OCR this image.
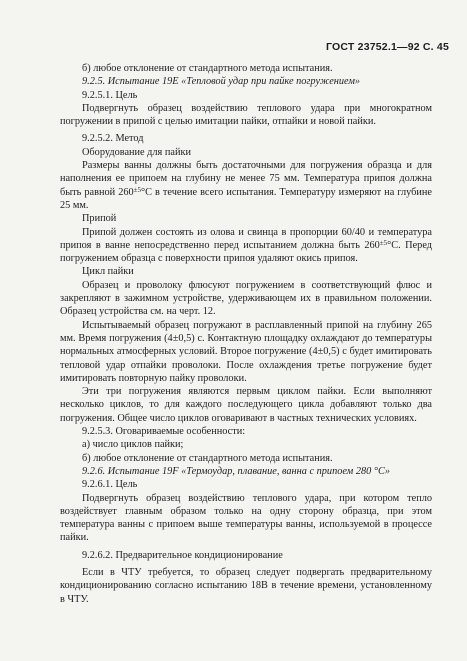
ГОСТ 23752.1—92 С. 45

б) любое отклонение от стандартного метода испытания.

9.2.5. Испытание 19Е «Тепловой удар при пайке погружением»

9.2.5.1. Цель

Подвергнуть образец воздействию теплового удара при многократном погружении в припой с целью имитации пайки, отпайки и новой пайки.

9.2.5.2. Метод

Оборудование для пайки

Размеры ванны должны быть достаточными для погружения образца и для наполнения ее припоем на глубину не менее 75 мм. Температура припоя должна быть равной $260^{\pm 5}^\circ С$ в течение всего испытания. Температуру измеряют на глубине 25 мм.

Припой

Припой должен состоять из олова и свинца в пропорции 60/40 и температура припоя в ванне непосредственно перед испытанием должна быть $260^{\pm 5}^\circ С$. Перед погружением образца с поверхности припоя удаляют окись припоя.

Цикл пайки

Образец и проволоку флюсуют погружением в соответствующий флюс и закрепляют в зажимном устройстве, удерживающем их в правильном положении. Образец устройства см. на черт. 12.

Испытываемый образец погружают в расплавленный припой на глубину 265 мм. Время погружения (4±0,5) с. Контактную площадку охлаждают до температуры нормальных атмосферных условий. Второе погружение (4±0,5) с будет имитировать тепловой удар отпайки проволоки. После охлаждения третье погружение будет имитировать повторную пайку проволоки.

Эти три погружения являются первым циклом пайки. Если выполняют несколько циклов, то для каждого последующего цикла добавляют только два погружения. Общее число циклов оговаривают в частных технических условиях.

9.2.5.3. Оговариваемые особенности:

а) число циклов пайки;

б) любое отклонение от стандартного метода испытания.

9.2.6. Испытание 19F «Термоудар, плавание, ванна с припоем 280 °С»

9.2.6.1. Цель

Подвергнуть образец воздействию теплового удара, при котором тепло воздействует главным образом только на одну сторону образца, при этом температура ванны с припоем выше температуры ванны, используемой в процессе пайки.

9.2.6.2. Предварительное кондиционирование

Если в ЧТУ требуется, то образец следует подвергать предварительному кондиционированию согласно испытанию 18В в течение времени, установленному в ЧТУ.
